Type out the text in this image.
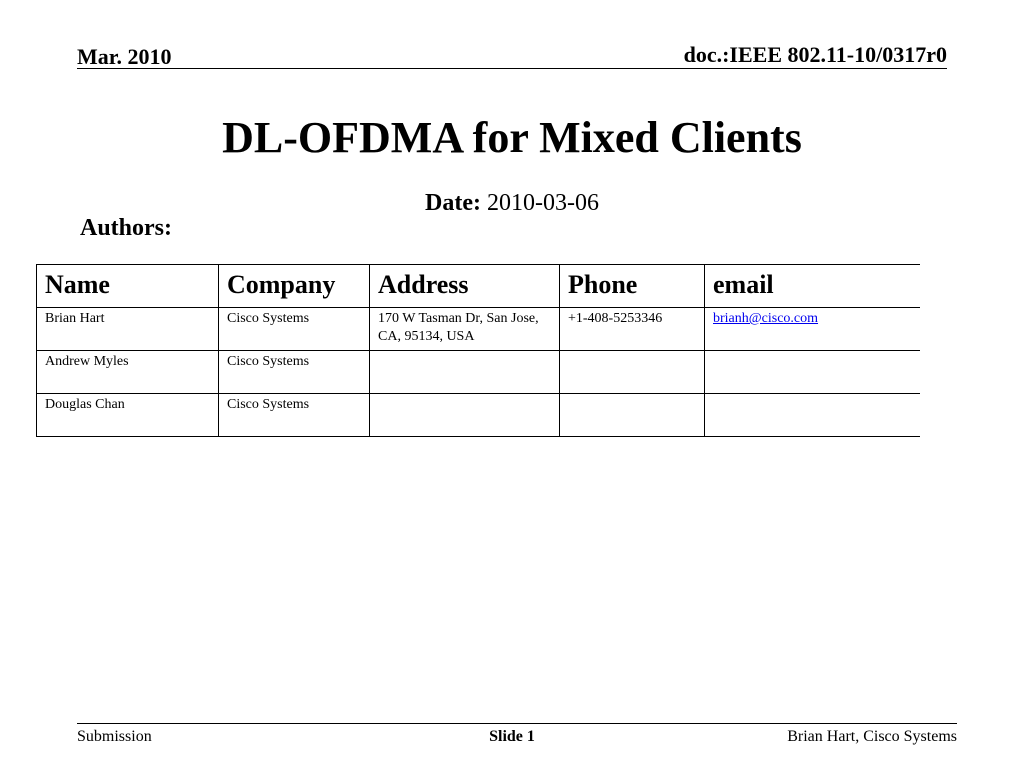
Mar. 2010	doc.:IEEE 802.11-10/0317r0
DL-OFDMA for Mixed Clients
Date: 2010-03-06
Authors:
Name	Company	Address	Phone	email
Brian Hart	Cisco Systems	170 W Tasman Dr, San Jose, CA, 95134, USA	+1-408-5253346	brianh@cisco.com
Andrew Myles	Cisco Systems			
Douglas Chan	Cisco Systems			
Submission	Slide 1	Brian Hart, Cisco Systems
